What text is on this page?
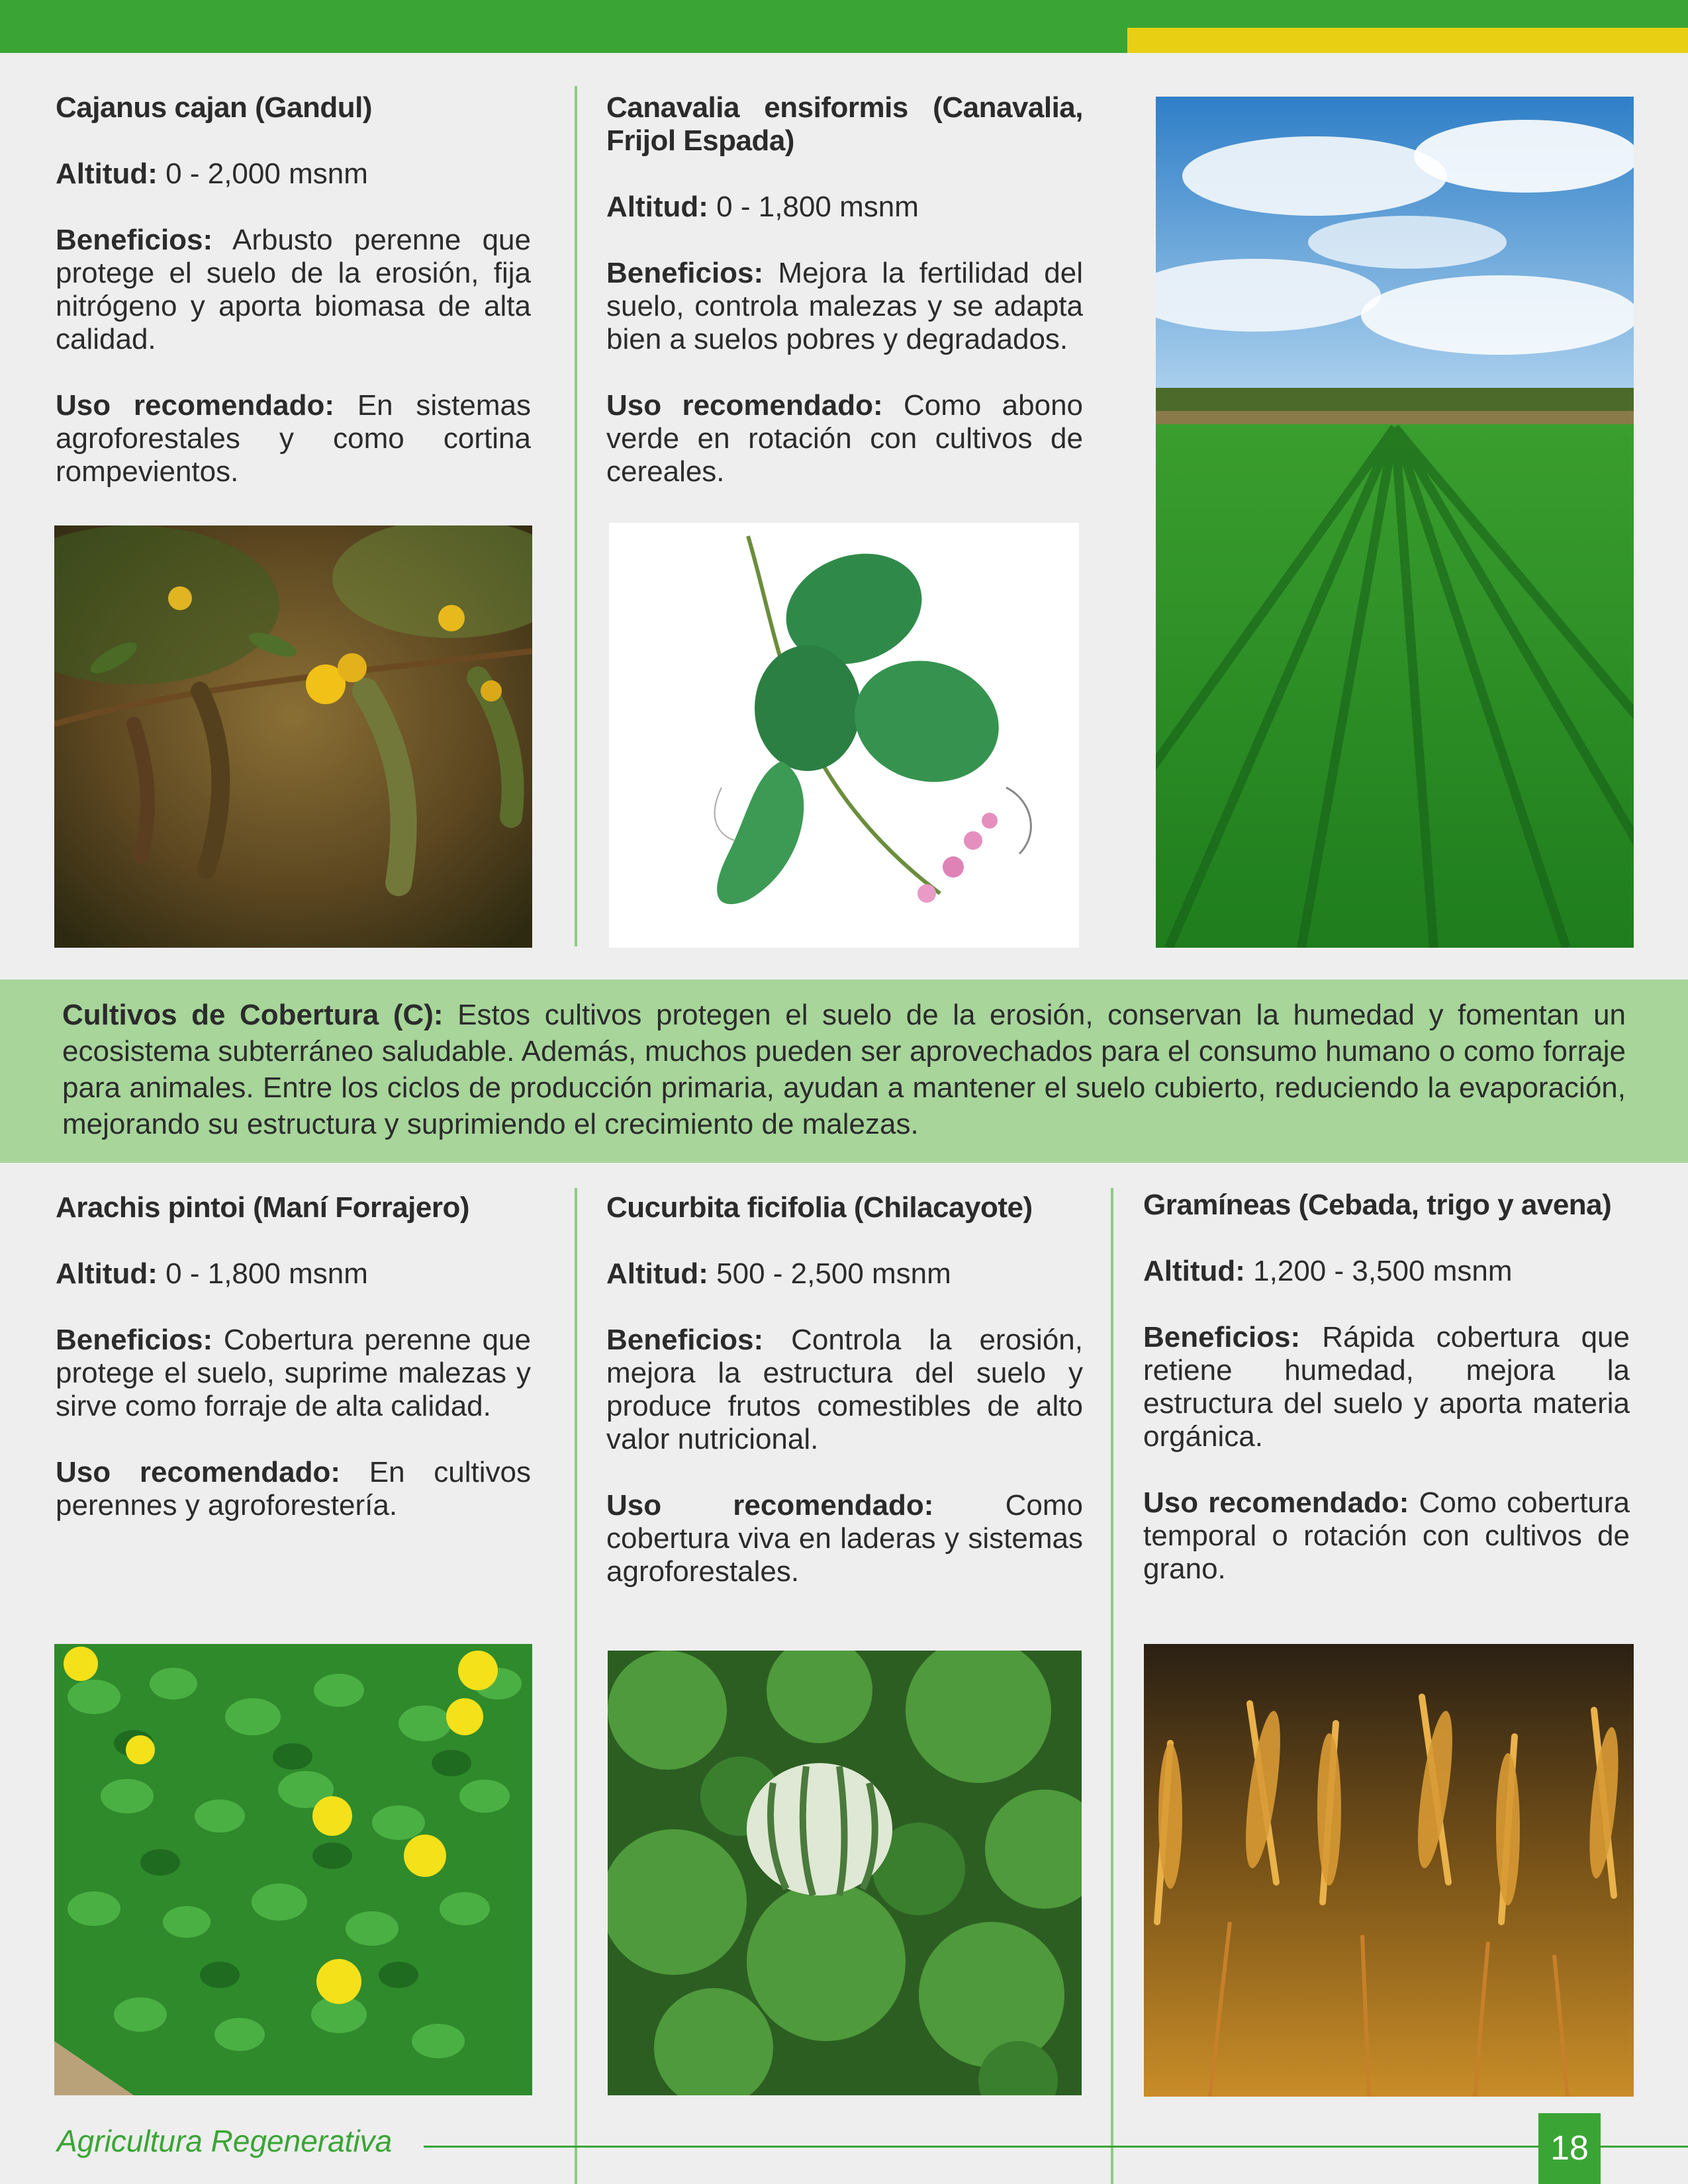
Cajanus cajan (Gandul)

Altitud: 0 - 2,000 msnm

Beneficios: Arbusto perenne que protege el suelo de la erosión, fija nitrógeno y aporta biomasa de alta calidad.

Uso recomendado: En sistemas agroforestales y como cortina rompevientos.

Canavalia ensiformis (Canavalia, Frijol Espada)

Altitud: 0 - 1,800 msnm

Beneficios: Mejora la fertilidad del suelo, controla malezas y se adapta bien a suelos pobres y degradados.

Uso recomendado: Como abono verde en rotación con cultivos de cereales.

Cultivos de Cobertura (C): Estos cultivos protegen el suelo de la erosión, conservan la humedad y fomentan un ecosistema subterráneo saludable. Además, muchos pueden ser aprovechados para el consumo humano o como forraje para animales. Entre los ciclos de producción primaria, ayudan a mantener el suelo cubierto, reduciendo la evaporación, mejorando su estructura y suprimiendo el crecimiento de malezas.

Arachis pintoi (Maní Forrajero)

Altitud: 0 - 1,800 msnm

Beneficios: Cobertura perenne que protege el suelo, suprime malezas y sirve como forraje de alta calidad.

Uso recomendado: En cultivos perennes y agroforestería.

Cucurbita ficifolia (Chilacayote)

Altitud: 500 - 2,500 msnm

Beneficios: Controla la erosión, mejora la estructura del suelo y produce frutos comestibles de alto valor nutricional.

Uso recomendado: Como cobertura viva en laderas y sistemas agroforestales.

Gramíneas (Cebada, trigo y avena)

Altitud: 1,200 - 3,500 msnm

Beneficios: Rápida cobertura que retiene humedad, mejora la estructura del suelo y aporta materia orgánica.

Uso recomendado: Como cobertura temporal o rotación con cultivos de grano.

Agricultura Regenerativa	18
